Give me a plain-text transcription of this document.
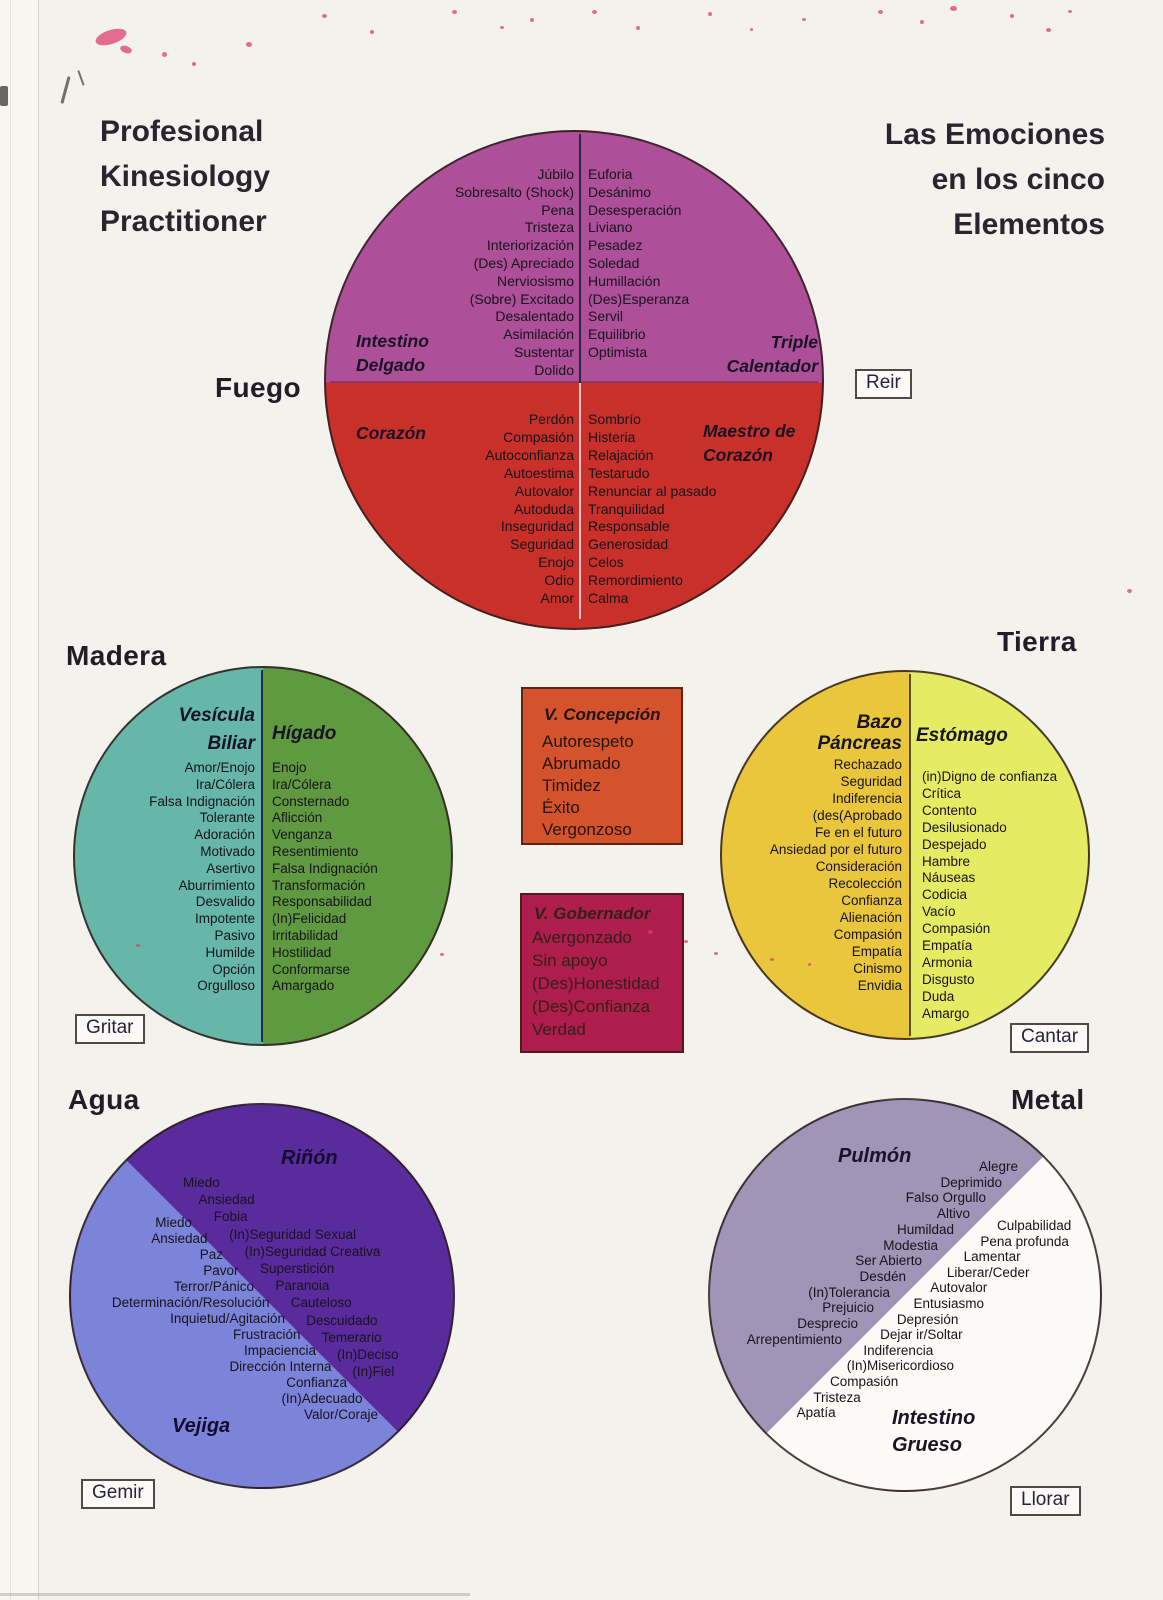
Profesional
Kinesiology
Practitioner
Las Emociones
en los cinco
Elementos
Júbilo
Sobresalto (Shock)
Pena
Tristeza
Interiorización
(Des) Apreciado
Nerviosismo
(Sobre) Excitado
Desalentado
Asimilación
Sustentar
Dolido
Euforia
Desánimo
Desesperación
Liviano
Pesadez
Soledad
Humillación
(Des)Esperanza
Servil
Equilibrio
Optimista
Perdón
Compasión
Autoconfianza
Autoestima
Autovalor
Autoduda
Inseguridad
Seguridad
Enojo
Odio
Amor
Sombrío
Histeria
Relajación
Testarudo
Renunciar al pasado
Tranquilidad
Responsable
Generosidad
Celos
Remordimiento
Calma
Intestino
Delgado
Triple
Calentador
Corazón	Maestro de
Corazón
Fuego	Reir
Madera
Vesícula
Biliar Hígado
Amor/Enojo
Ira/Cólera
Falsa Indignación
Tolerante
Adoración
Motivado
Asertivo
Aburrimiento
Desvalido
Impotente
Pasivo
Humilde
Opción
Orgulloso
Enojo
Ira/Cólera
Consternado
Aflicción
Venganza
Resentimiento
Falsa Indignación
Transformación
Responsabilidad
(In)Felicidad
Irritabilidad
Hostilidad
Conformarse
Amargado
Gritar
V. Concepción
Autorespeto
Abrumado
Timidez
Éxito
Vergonzoso
V. Gobernador
Avergonzado
Sin apoyo
(Des)Honestidad
(Des)Confianza
Verdad
Tierra
Bazo
Páncreas Estómago
Rechazado
Seguridad
Indiferencia
(des(Aprobado
Fe en el futuro
Ansiedad por el futuro
Consideración
Recolección
Confianza
Alienación
Compasión
Empatía
Cinismo
Envidia
(in)Digno de confianza
Crítica
Contento
Desilusionado
Despejado
Hambre
Náuseas
Codicia
Vacío
Compasión
Empatía
Armonia
Disgusto
Duda
Amargo
Cantar
Agua
Riñón
Miedo
Ansiedad
Fobia
(In)Seguridad Sexual
(In)Seguridad Creativa
Superstición
Paranoia
Cauteloso
Descuidado
Temerario
(In)Deciso
(In)Fiel
Miedo
Ansiedad
Paz
Pavor
Terror/Pánico
Determinación/Resolución
Inquietud/Agitación
Frustración
Impaciencia
Dirección Interna
Confianza
(In)Adecuado
Valor/Coraje
Vejiga
Gemir
Metal
Pulmón	Alegre
Deprimido
Falso Orgullo
Altivo
Humildad
Modestia
Ser Abierto
Desdén
(In)Tolerancia
Prejuicio
Desprecio
Arrepentimiento
Culpabilidad
Pena profunda
Lamentar
Liberar/Ceder
Autovalor
Entusiasmo
Depresión
Dejar ir/Soltar
Indiferencia
(In)Misericordioso
Compasión
Tristeza
Apatía	Intestino
Grueso
Llorar
